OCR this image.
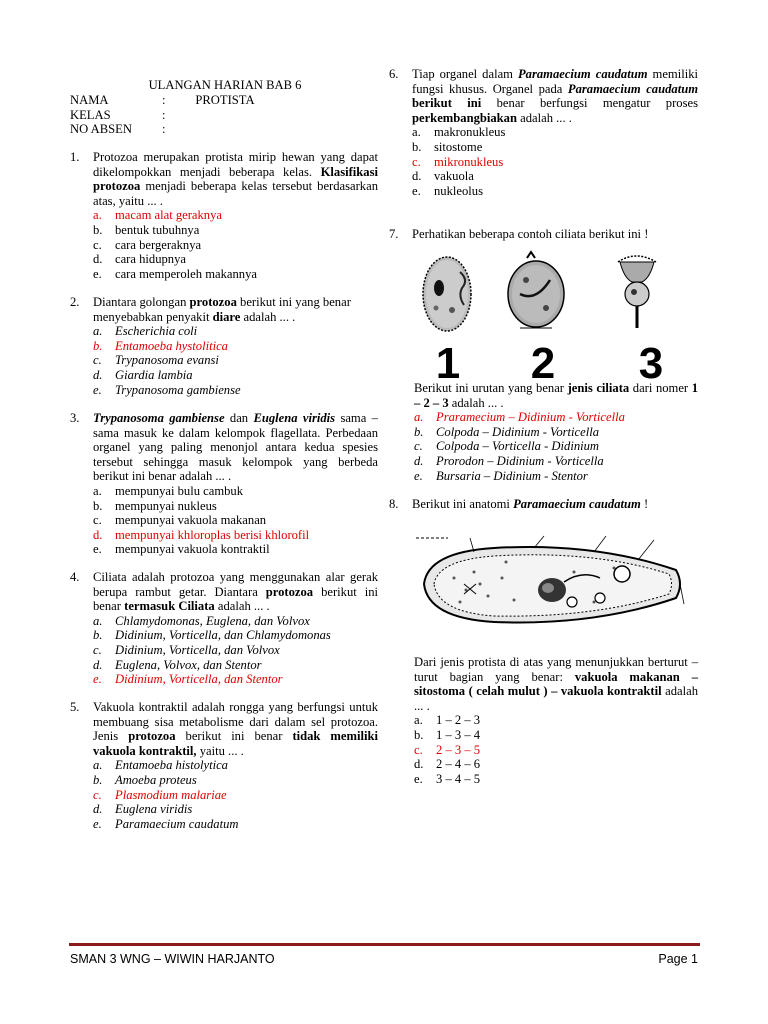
ULANGAN HARIAN BAB 6
PROTISTA
NAMA	:
KELAS	:
NO ABSEN	:
1.	Protozoa merupakan protista mirip hewan yang dapat dikelompokkan menjadi beberapa kelas. Klasifikasi protozoa menjadi beberapa kelas tersebut berdasarkan atas, yaitu ... .
a.	macam alat geraknya
b. bentuk tubuhnya
c.	cara bergeraknya
d. cara hidupnya
e.	cara memperoleh makannya
2.	Diantara golongan protozoa berikut ini yang benar menyebabkan penyakit diare adalah ... .
a. Escherichia coli
b. Entamoeba hystolitica
c.	Trypanosoma evansi
d. Giardia lambia
e.	Trypanosoma gambiense
3.	Trypanosoma gambiense dan Euglena viridis sama – sama masuk ke dalam kelompok flagellata. Perbedaan organel yang paling menonjol antara kedua spesies tersebut sehingga masuk kelompok yang berbeda berikut ini benar adalah ... .
a.	mempunyai bulu cambuk
b. mempunyai nukleus
c.	mempunyai vakuola makanan
d. mempunyai khloroplas berisi khlorofil
e.	mempunyai vakuola kontraktil
4.	Ciliata adalah protozoa yang menggunakan alar gerak berupa rambut getar. Diantara protozoa berikut ini benar termasuk Ciliata adalah ... .
a. Chlamydomonas, Euglena, dan Volvox
b. Didinium, Vorticella, dan Chlamydomonas
c.	Didinium, Vorticella, dan Volvox
d. Euglena, Volvox, dan Stentor
e.	Didinium, Vorticella, dan Stentor
5.	Vakuola kontraktil adalah rongga yang berfungsi untuk membuang sisa metabolisme dari dalam sel protozoa. Jenis protozoa berikut ini benar tidak memiliki vakuola kontraktil, yaitu ... .
a. Entamoeba histolytica
b. Amoeba proteus
c.	Plasmodium malariae
d. Euglena viridis
e.	Paramaecium caudatum
6.	Tiap organel dalam Paramaecium caudatum memiliki fungsi khusus. Organel pada Paramaecium caudatum berikut ini benar berfungsi mengatur proses perkembangbiakan adalah ... .
a.	makronukleus
b. sitostome
c.	mikronukleus
d. vakuola
e.	nukleolus
7.	Perhatikan beberapa contoh ciliata berikut ini !
1 2 3
Berikut ini urutan yang benar jenis ciliata dari nomer 1 – 2 – 3 adalah ... .
a. Praramecium – Didinium - Vorticella
b. Colpoda – Didinium - Vorticella
c.	Colpoda – Vorticella - Didinium
d. Prorodon – Didinium - Vorticella
e.	Bursaria – Didinium - Stentor
8.	Berikut ini anatomi Paramaecium caudatum !
Dari jenis protista di atas yang menunjukkan berturut – turut bagian yang benar: vakuola makanan – sitostoma ( celah mulut ) – vakuola kontraktil adalah ... .
a.	1 – 2 – 3
b. 1 – 3 – 4
c.	2 – 3 – 5
d. 2 – 4 – 6
e.	3 – 4 – 5
SMAN 3 WNG – WIWIN HARJANTO	Page 1
